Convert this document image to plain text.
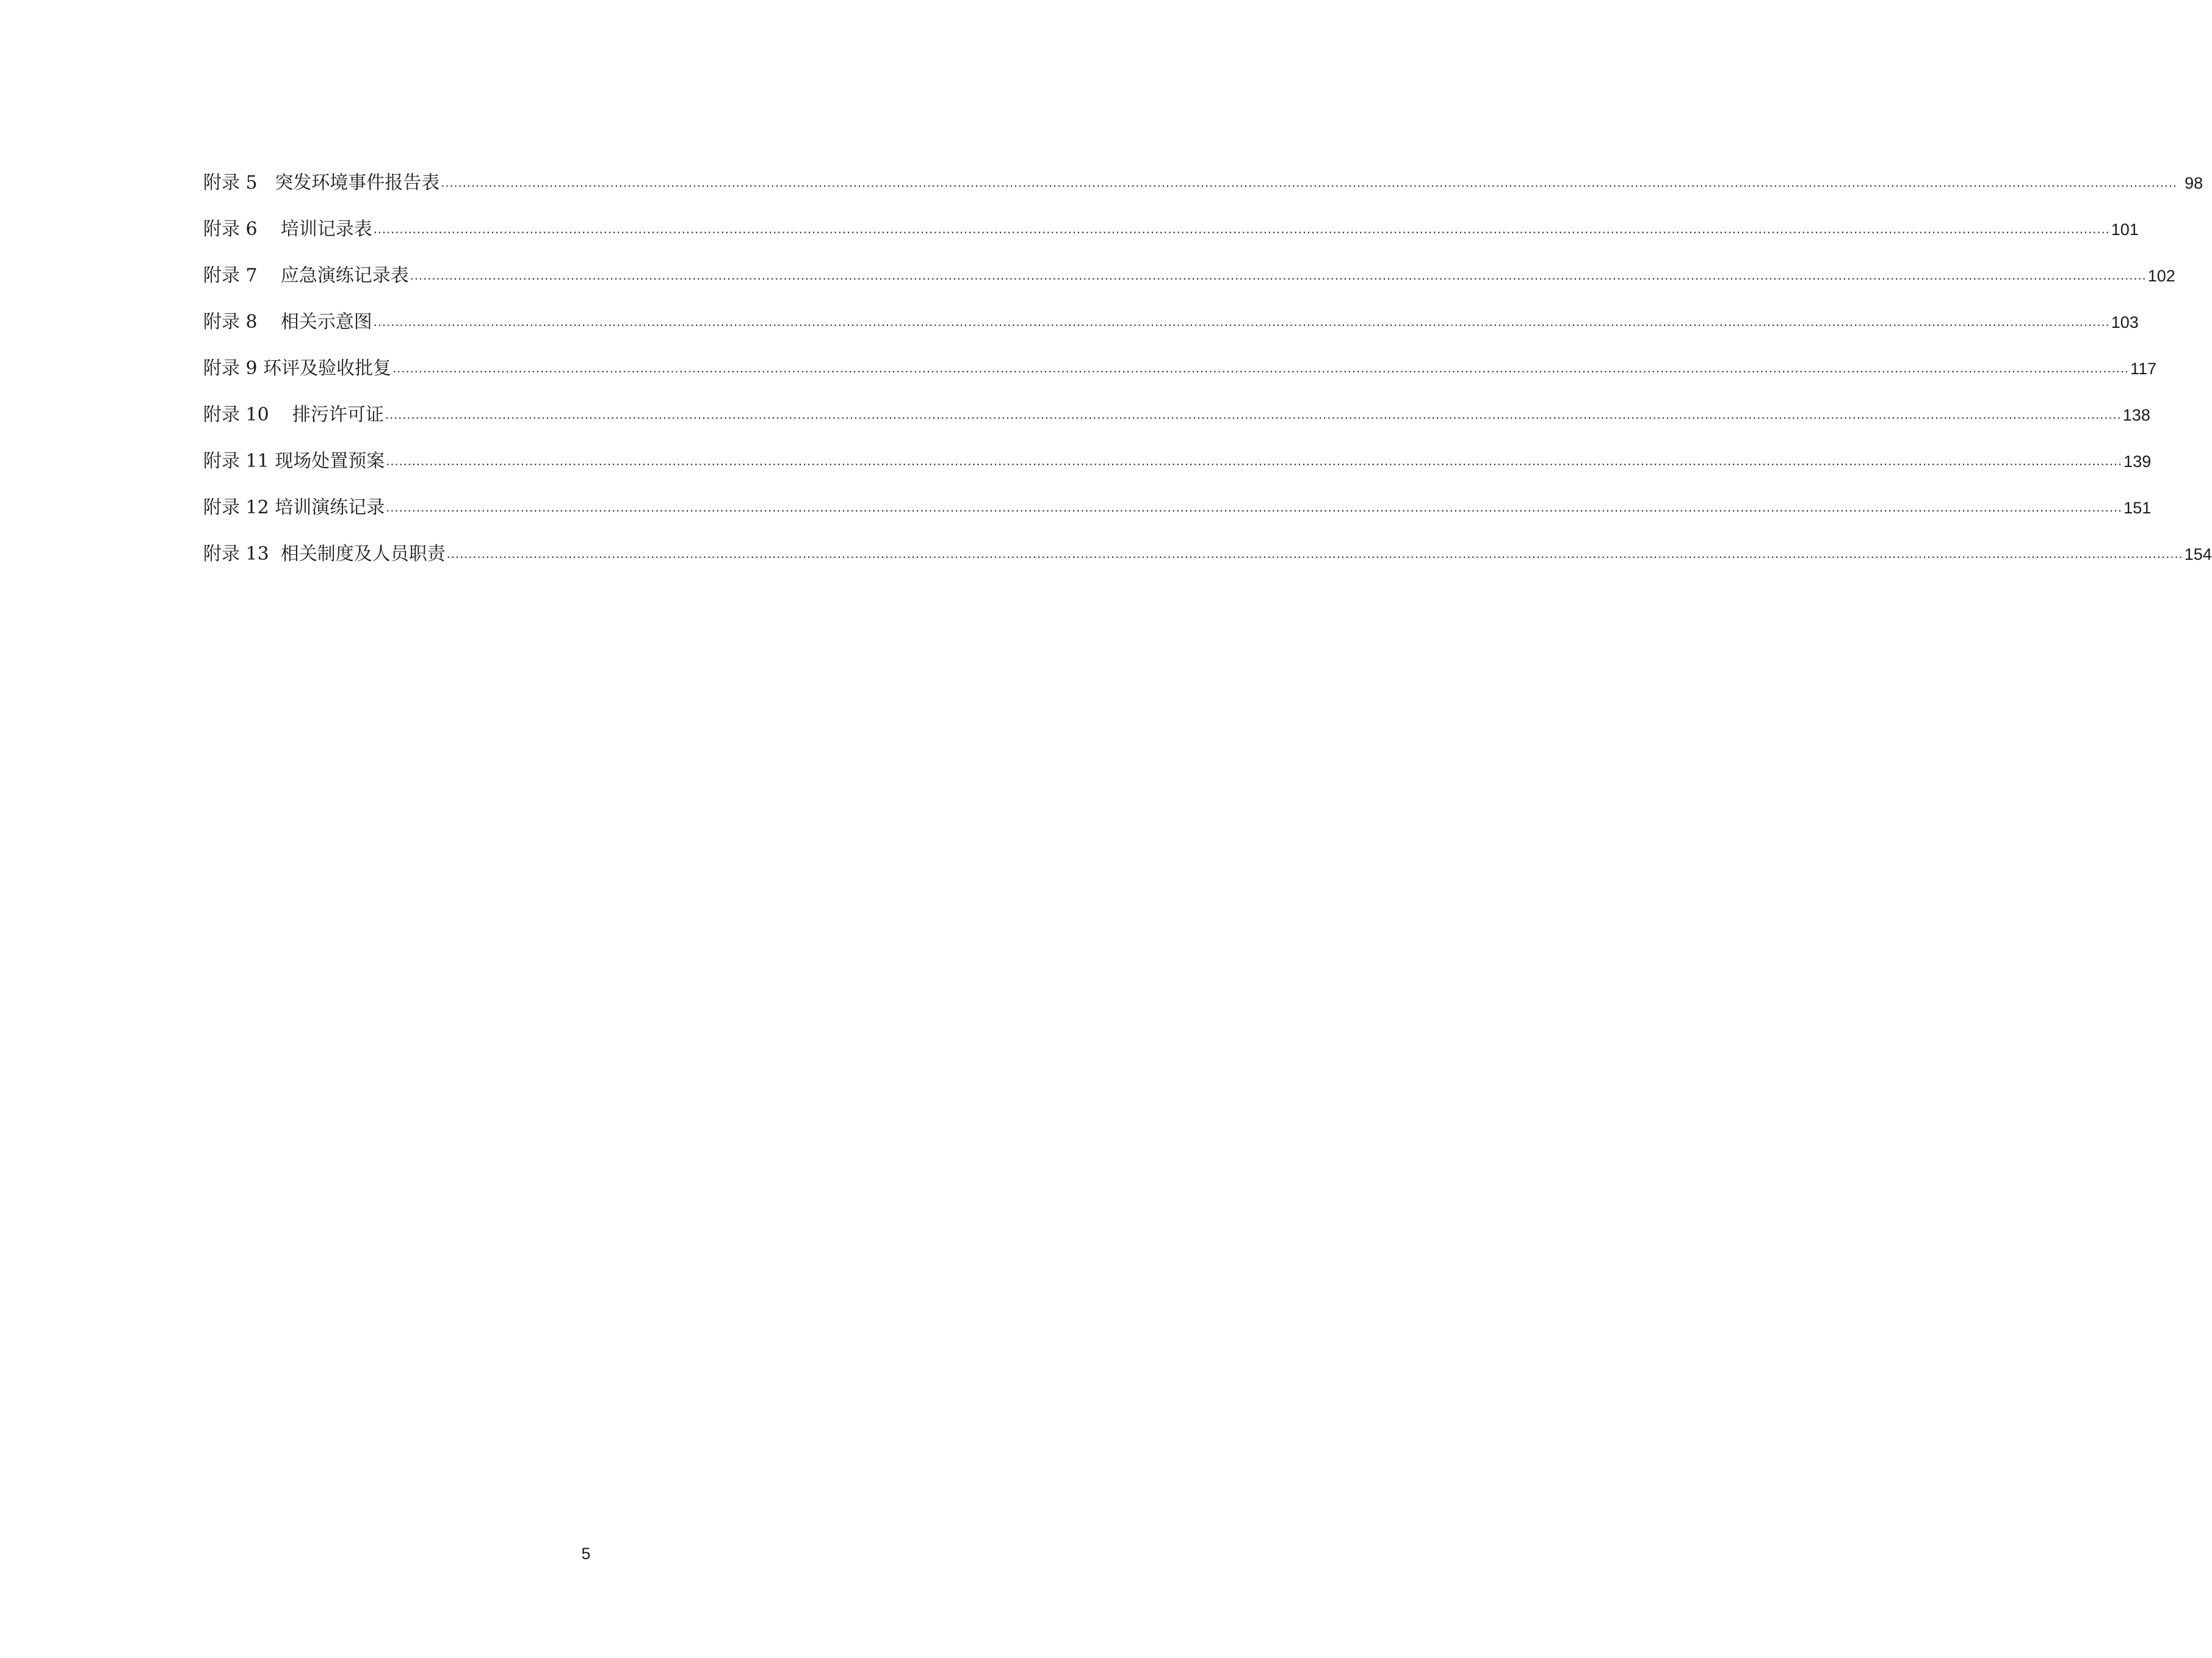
附录 5   突发环境事件报告表 ................................................................................................................................................................................................................................................................................................................................................................................................................ 98
附录 6    培训记录表 ................................................................................................................................................................................................................................................................................................................................................................................................................ 101
附录 7    应急演练记录表 ................................................................................................................................................................................................................................................................................................................................................................................................................ 102
附录 8    相关示意图 ................................................................................................................................................................................................................................................................................................................................................................................................................ 103
附录 9 环评及验收批复 ................................................................................................................................................................................................................................................................................................................................................................................................................ 117
附录 10    排污许可证 ................................................................................................................................................................................................................................................................................................................................................................................................................ 138
附录 11 现场处置预案 ................................................................................................................................................................................................................................................................................................................................................................................................................ 139
附录 12 培训演练记录 ................................................................................................................................................................................................................................................................................................................................................................................................................ 151
附录 13  相关制度及人员职责 ................................................................................................................................................................................................................................................................................................................................................................................................................ 154
5
